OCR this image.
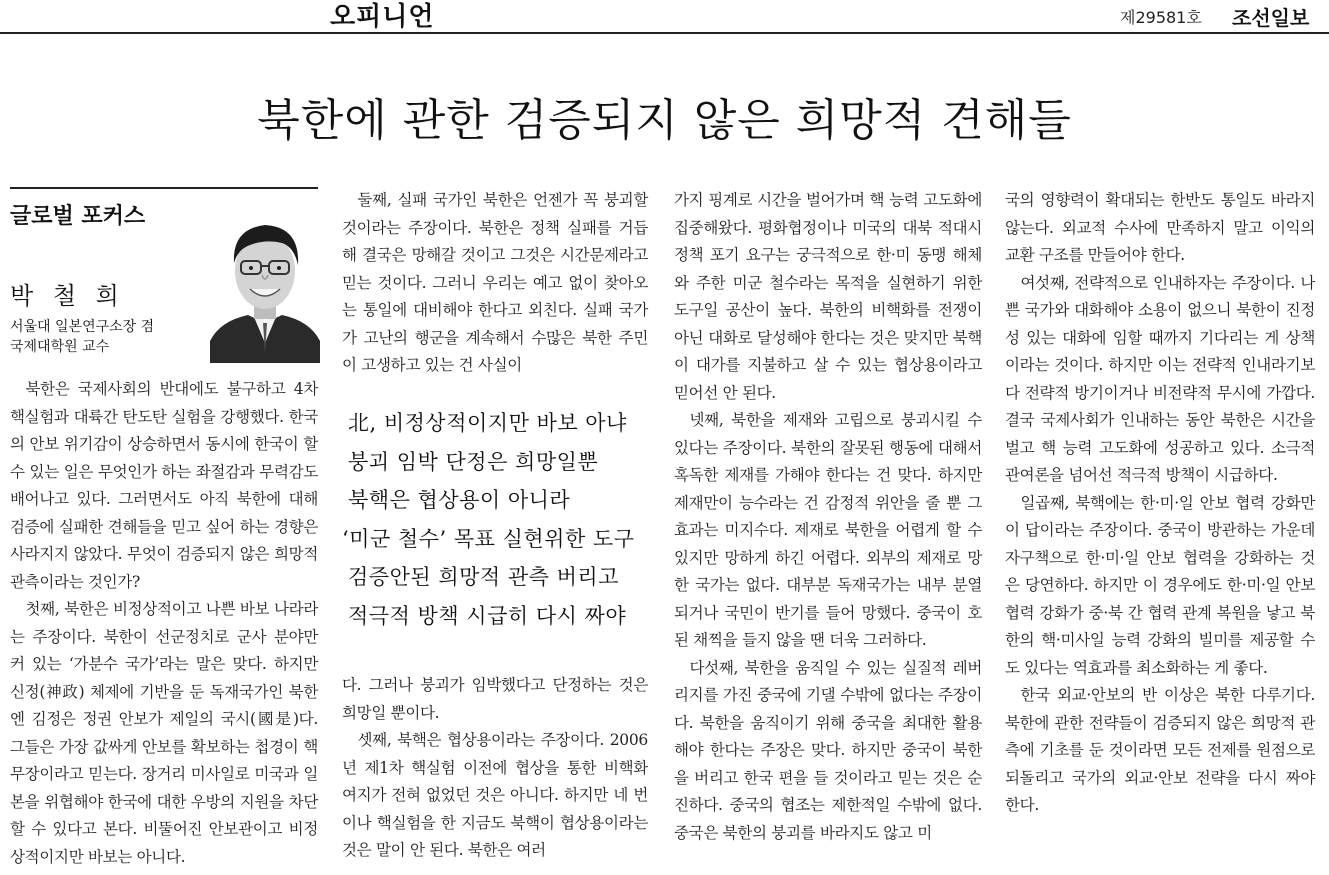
오피니언	제29581호 조선일보
북한에 관한 검증되지 않은 희망적 견해들
글로벌 포커스
박 철 희
서울대 일본연구소장 겸
국제대학원 교수

북한은 국제사회의 반대에도 불구하고 4차 핵실험과 대륙간 탄도탄 실험을 강행했다. 한국의 안보 위기감이 상승하면서 동시에 한국이 할 수 있는 일은 무엇인가 하는 좌절감과 무력감도 배어나고 있다. 그러면서도 아직 북한에 대해 검증에 실패한 견해들을 믿고 싶어 하는 경향은 사라지지 않았다. 무엇이 검증되지 않은 희망적 관측이라는 것인가?

첫째, 북한은 비정상적이고 나쁜 바보 나라라는 주장이다. 북한이 선군정치로 군사 분야만 커 있는 ‘가분수 국가’라는 말은 맞다. 하지만 신정(神政) 체제에 기반을 둔 독재국가인 북한엔 김정은 정권 안보가 제일의 국시(國是)다. 그들은 가장 값싸게 안보를 확보하는 첩경이 핵무장이라고 믿는다. 장거리 미사일로 미국과 일본을 위협해야 한국에 대한 우방의 지원을 차단할 수 있다고 본다. 비뚤어진 안보관이고 비정상적이지만 바보는 아니다.

둘째, 실패 국가인 북한은 언젠가 꼭 붕괴할 것이라는 주장이다. 북한은 정책 실패를 거듭해 결국은 망해갈 것이고 그것은 시간문제라고 믿는 것이다. 그러니 우리는 예고 없이 찾아오는 통일에 대비해야 한다고 외친다. 실패 국가가 고난의 행군을 계속해서 수많은 북한 주민이 고생하고 있는 건 사실이

北, 비정상적이지만 바보 아냐
붕괴 임박 단정은 희망일뿐
북핵은 협상용이 아니라
‘미군 철수’ 목표 실현위한 도구
검증안된 희망적 관측 버리고
적극적 방책 시급히 다시 짜야

다. 그러나 붕괴가 임박했다고 단정하는 것은 희망일 뿐이다.

셋째, 북핵은 협상용이라는 주장이다. 2006년 제1차 핵실험 이전에 협상을 통한 비핵화 여지가 전혀 없었던 것은 아니다. 하지만 네 번이나 핵실험을 한 지금도 북핵이 협상용이라는 것은 말이 안 된다. 북한은 여러

가지 핑계로 시간을 벌어가며 핵 능력 고도화에 집중해왔다. 평화협정이나 미국의 대북 적대시 정책 포기 요구는 궁극적으로 한·미 동맹 해체와 주한 미군 철수라는 목적을 실현하기 위한 도구일 공산이 높다. 북한의 비핵화를 전쟁이 아닌 대화로 달성해야 한다는 것은 맞지만 북핵이 대가를 지불하고 살 수 있는 협상용이라고 믿어선 안 된다.

넷째, 북한을 제재와 고립으로 붕괴시킬 수 있다는 주장이다. 북한의 잘못된 행동에 대해서 혹독한 제재를 가해야 한다는 건 맞다. 하지만 제재만이 능수라는 건 감정적 위안을 줄 뿐 그 효과는 미지수다. 제재로 북한을 어렵게 할 수 있지만 망하게 하긴 어렵다. 외부의 제재로 망한 국가는 없다. 대부분 독재국가는 내부 분열되거나 국민이 반기를 들어 망했다. 중국이 호된 채찍을 들지 않을 땐 더욱 그러하다.

다섯째, 북한을 움직일 수 있는 실질적 레버리지를 가진 중국에 기댈 수밖에 없다는 주장이다. 북한을 움직이기 위해 중국을 최대한 활용해야 한다는 주장은 맞다. 하지만 중국이 북한을 버리고 한국 편을 들 것이라고 믿는 것은 순진하다. 중국의 협조는 제한적일 수밖에 없다. 중국은 북한의 붕괴를 바라지도 않고 미

국의 영향력이 확대되는 한반도 통일도 바라지 않는다. 외교적 수사에 만족하지 말고 이익의 교환 구조를 만들어야 한다.

여섯째, 전략적으로 인내하자는 주장이다. 나쁜 국가와 대화해야 소용이 없으니 북한이 진정성 있는 대화에 임할 때까지 기다리는 게 상책이라는 것이다. 하지만 이는 전략적 인내라기보다 전략적 방기이거나 비전략적 무시에 가깝다. 결국 국제사회가 인내하는 동안 북한은 시간을 벌고 핵 능력 고도화에 성공하고 있다. 소극적 관여론을 넘어선 적극적 방책이 시급하다.

일곱째, 북핵에는 한·미·일 안보 협력 강화만이 답이라는 주장이다. 중국이 방관하는 가운데 자구책으로 한·미·일 안보 협력을 강화하는 것은 당연하다. 하지만 이 경우에도 한·미·일 안보 협력 강화가 중·북 간 협력 관계 복원을 낳고 북한의 핵·미사일 능력 강화의 빌미를 제공할 수도 있다는 역효과를 최소화하는 게 좋다.

한국 외교·안보의 반 이상은 북한 다루기다. 북한에 관한 전략들이 검증되지 않은 희망적 관측에 기초를 둔 것이라면 모든 전제를 원점으로 되돌리고 국가의 외교·안보 전략을 다시 짜야 한다.
